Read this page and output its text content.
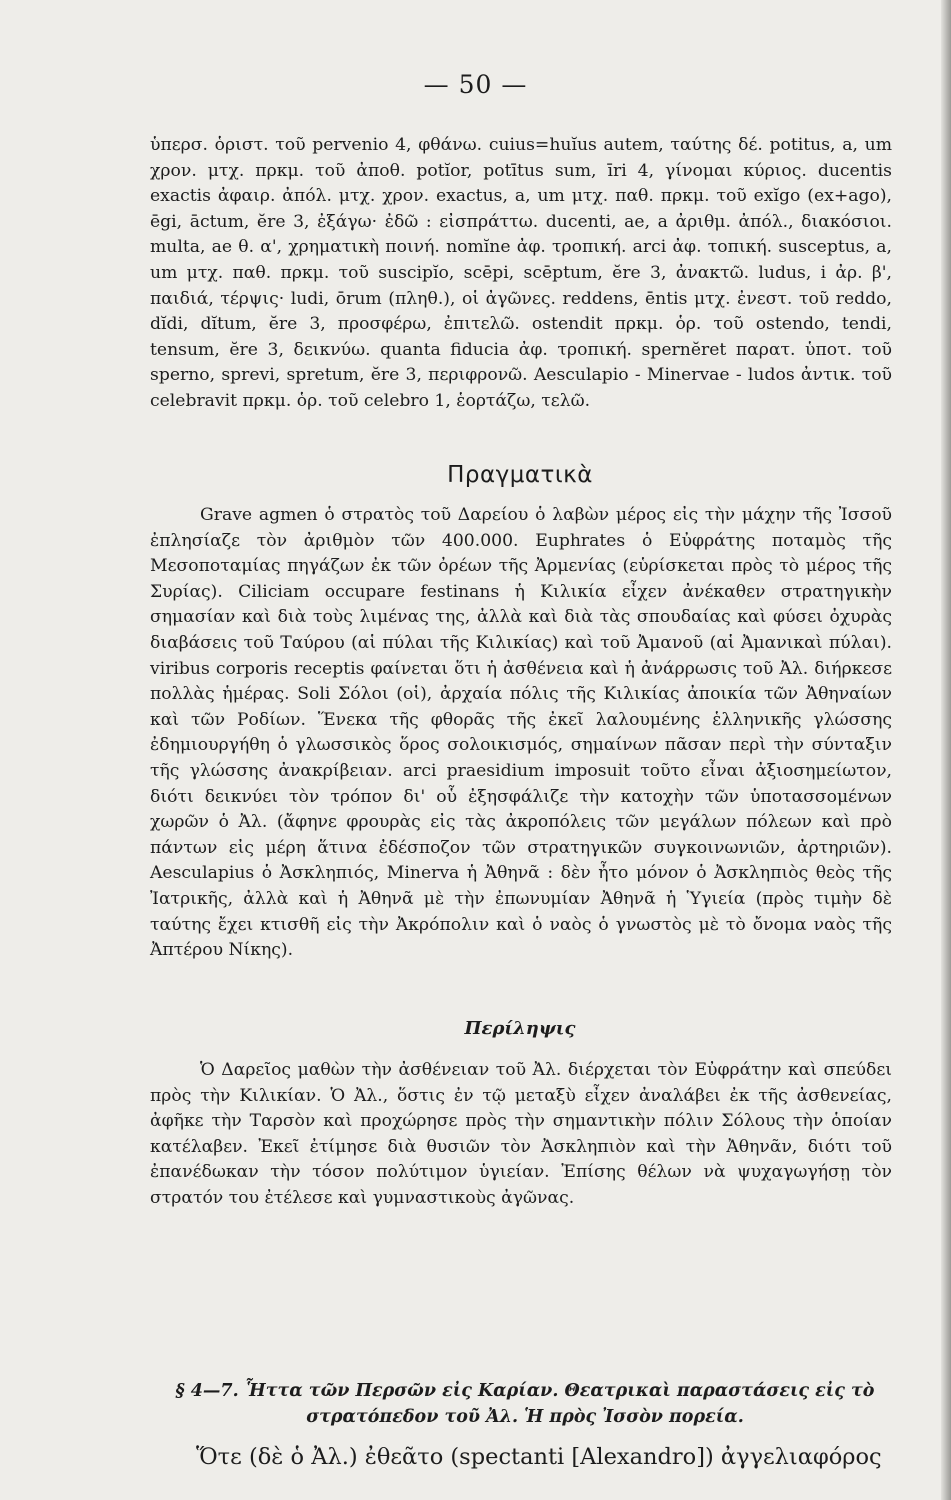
— 50 —

ὑπερσ. ὁριστ. τοῦ pervenio 4, φθάνω. cuius=huĭus autem, ταύτης δέ. potitus, a, um χρον. μτχ. πρκμ. τοῦ ἀποθ. potĭor, potītus sum, īri 4, γίνομαι κύριος. ducentis exactis ἀφαιρ. ἀπόλ. μτχ. χρον. exactus, a, um μτχ. παθ. πρκμ. τοῦ exĭgo (ex+ago), ēgi, āctum, ĕre 3, ἐξάγω· ἐδῶ : εἰσπράττω. ducenti, ae, a ἀριθμ. ἀπόλ., διακόσιοι. multa, ae θ. α', χρηματικὴ ποινή. nomĭne ἀφ. τροπική. arci ἀφ. τοπική. susceptus, a, um μτχ. παθ. πρκμ. τοῦ suscipĭo, scēpi, scēptum, ĕre 3, ἀνακτῶ. ludus, i ἀρ. β', παιδιά, τέρψις· ludi, ōrum (πληθ.), οἱ ἀγῶνες. reddens, ēntis μτχ. ἐνεστ. τοῦ reddo, dĭdi, dĭtum, ĕre 3, προσφέρω, ἐπιτελῶ. ostendit πρκμ. ὁρ. τοῦ ostendo, tendi, tensum, ĕre 3, δεικνύω. quanta fiducia ἀφ. τροπική. spernĕret παρατ. ὑποτ. τοῦ sperno, sprevi, spretum, ĕre 3, περιφρονῶ. Aesculapio - Minervae - ludos ἀντικ. τοῦ celebravit πρκμ. ὁρ. τοῦ celebro 1, ἑορτάζω, τελῶ.

Πραγματικὰ

Grave agmen ὁ στρατὸς τοῦ Δαρείου ὁ λαβὼν μέρος εἰς τὴν μάχην τῆς Ἰσσοῦ ἐπλησίαζε τὸν ἀριθμὸν τῶν 400.000. Euphrates ὁ Εὐφράτης ποταμὸς τῆς Μεσοποταμίας πηγάζων ἐκ τῶν ὀρέων τῆς Ἀρμενίας (εὑρίσκεται πρὸς τὸ μέρος τῆς Συρίας). Ciliciam occupare festinans ἡ Κιλικία εἶχεν ἀνέκαθεν στρατηγικὴν σημασίαν καὶ διὰ τοὺς λιμένας της, ἀλλὰ καὶ διὰ τὰς σπουδαίας καὶ φύσει ὀχυρὰς διαβάσεις τοῦ Ταύρου (αἱ πύλαι τῆς Κιλικίας) καὶ τοῦ Ἀμανοῦ (αἱ Ἀμανικαὶ πύλαι). viribus corporis receptis φαίνεται ὅτι ἡ ἀσθένεια καὶ ἡ ἀνάρρωσις τοῦ Ἀλ. διήρκεσε πολλὰς ἡμέρας. Soli Σόλοι (οἱ), ἀρχαία πόλις τῆς Κιλικίας ἀποικία τῶν Ἀθηναίων καὶ τῶν Ροδίων. Ἕνεκα τῆς φθορᾶς τῆς ἐκεῖ λαλουμένης ἑλληνικῆς γλώσσης ἐδημιουργήθη ὁ γλωσσικὸς ὅρος σολοικισμός, σημαίνων πᾶσαν περὶ τὴν σύνταξιν τῆς γλώσσης ἀνακρίβειαν. arci praesidium imposuit τοῦτο εἶναι ἀξιοσημείωτον, διότι δεικνύει τὸν τρόπον δι' οὗ ἐξησφάλιζε τὴν κατοχὴν τῶν ὑποτασσομένων χωρῶν ὁ Ἀλ. (ἄφηνε φρουρὰς εἰς τὰς ἀκροπόλεις τῶν μεγάλων πόλεων καὶ πρὸ πάντων εἰς μέρη ἅτινα ἐδέσποζον τῶν στρατηγικῶν συγκοινωνιῶν, ἀρτηριῶν). Aesculapius ὁ Ἀσκληπιός, Minerva ἡ Ἀθηνᾶ : δὲν ἦτο μόνον ὁ Ἀσκληπιὸς θεὸς τῆς Ἰατρικῆς, ἀλλὰ καὶ ἡ Ἀθηνᾶ μὲ τὴν ἐπωνυμίαν Ἀθηνᾶ ἡ Ὑγιεία (πρὸς τιμὴν δὲ ταύτης ἔχει κτισθῆ εἰς τὴν Ἀκρόπολιν καὶ ὁ ναὸς ὁ γνωστὸς μὲ τὸ ὄνομα ναὸς τῆς Ἀπτέρου Νίκης).

Περίληψις

Ὁ Δαρεῖος μαθὼν τὴν ἀσθένειαν τοῦ Ἀλ. διέρχεται τὸν Εὐφράτην καὶ σπεύδει πρὸς τὴν Κιλικίαν. Ὁ Ἀλ., ὅστις ἐν τῷ μεταξὺ εἶχεν ἀναλάβει ἐκ τῆς ἀσθενείας, ἀφῆκε τὴν Ταρσὸν καὶ προχώρησε πρὸς τὴν σημαντικὴν πόλιν Σόλους τὴν ὁποίαν κατέλαβεν. Ἐκεῖ ἐτίμησε διὰ θυσιῶν τὸν Ἀσκληπιὸν καὶ τὴν Ἀθηνᾶν, διότι τοῦ ἐπανέδωκαν τὴν τόσον πολύτιμον ὑγιείαν. Ἐπίσης θέλων νὰ ψυχαγωγήσῃ τὸν στρατόν του ἐτέλεσε καὶ γυμναστικοὺς ἀγῶνας.

§ 4—7. Ἧττα τῶν Περσῶν εἰς Καρίαν. Θεατρικαὶ παραστάσεις εἰς τὸ στρατόπεδον τοῦ Ἀλ. Ἡ πρὸς Ἰσσὸν πορεία.

Ὅτε (δὲ ὁ Ἀλ.) ἐθεᾶτο (spectanti [Alexandro]) ἀγγελιαφόρος
